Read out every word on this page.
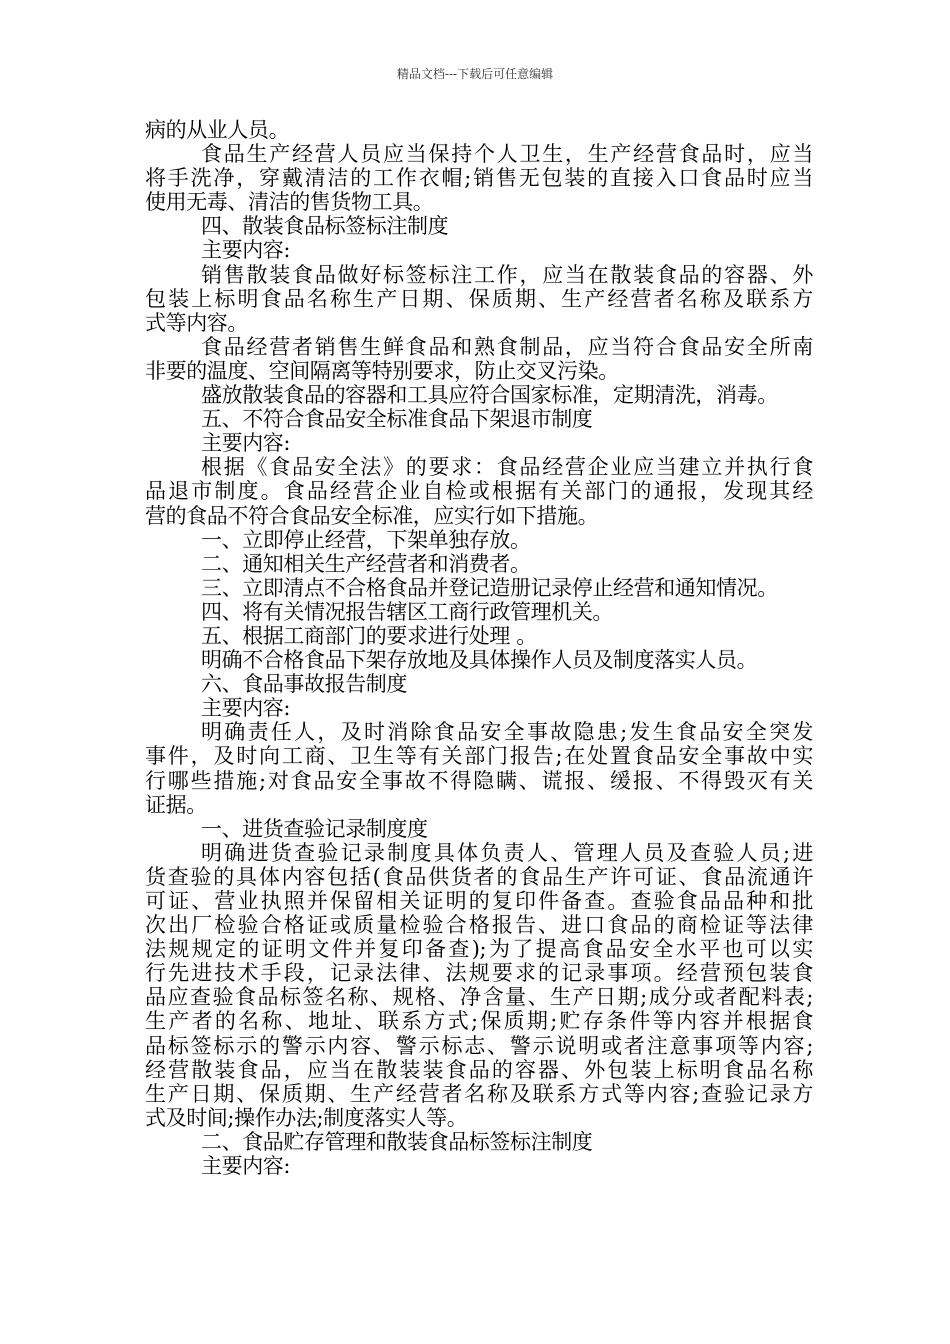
精品文档---下载后可任意编辑
病的从业人员。
食品生产经营人员应当保持个人卫生，生产经营食品时，应当
将手洗净，穿戴清洁的工作衣帽;销售无包装的直接入口食品时应当
使用无毒、清洁的售货物工具。
四、散装食品标签标注制度
主要内容:
销售散装食品做好标签标注工作，应当在散装食品的容器、外
包装上标明食品名称生产日期、保质期、生产经营者名称及联系方
式等内容。
食品经营者销售生鲜食品和熟食制品，应当符合食品安全所南
非要的温度、空间隔离等特别要求，防止交叉污染。
盛放散装食品的容器和工具应符合国家标准，定期清洗，消毒。
五、不符合食品安全标准食品下架退市制度
主要内容:
根据《食品安全法》的要求：食品经营企业应当建立并执行食
品退市制度。食品经营企业自检或根据有关部门的通报，发现其经
营的食品不符合食品安全标准，应实行如下措施。
一、立即停止经营，下架单独存放。
二、通知相关生产经营者和消费者。
三、立即清点不合格食品并登记造册记录停止经营和通知情况。
四、将有关情况报告辖区工商行政管理机关。
五、根据工商部门的要求进行处理 。
明确不合格食品下架存放地及具体操作人员及制度落实人员。
六、食品事故报告制度
主要内容:
明确责任人，及时消除食品安全事故隐患;发生食品安全突发
事件，及时向工商、卫生等有关部门报告;在处置食品安全事故中实
行哪些措施;对食品安全事故不得隐瞒、谎报、缓报、不得毁灭有关
证据。
一、进货查验记录制度度
明确进货查验记录制度具体负责人、管理人员及查验人员;进
货查验的具体内容包括(食品供货者的食品生产许可证、食品流通许
可证、营业执照并保留相关证明的复印件备查。查验食品品种和批
次出厂检验合格证或质量检验合格报告、进口食品的商检证等法律
法规规定的证明文件并复印备查);为了提高食品安全水平也可以实
行先进技术手段，记录法律、法规要求的记录事项。经营预包装食
品应查验食品标签名称、规格、净含量、生产日期;成分或者配料表;
生产者的名称、地址、联系方式;保质期;贮存条件等内容并根据食
品标签标示的警示内容、警示标志、警示说明或者注意事项等内容;
经营散装食品，应当在散装装食品的容器、外包装上标明食品名称
生产日期、保质期、生产经营者名称及联系方式等内容;查验记录方
式及时间;操作办法;制度落实人等。
二、食品贮存管理和散装食品标签标注制度
主要内容:
